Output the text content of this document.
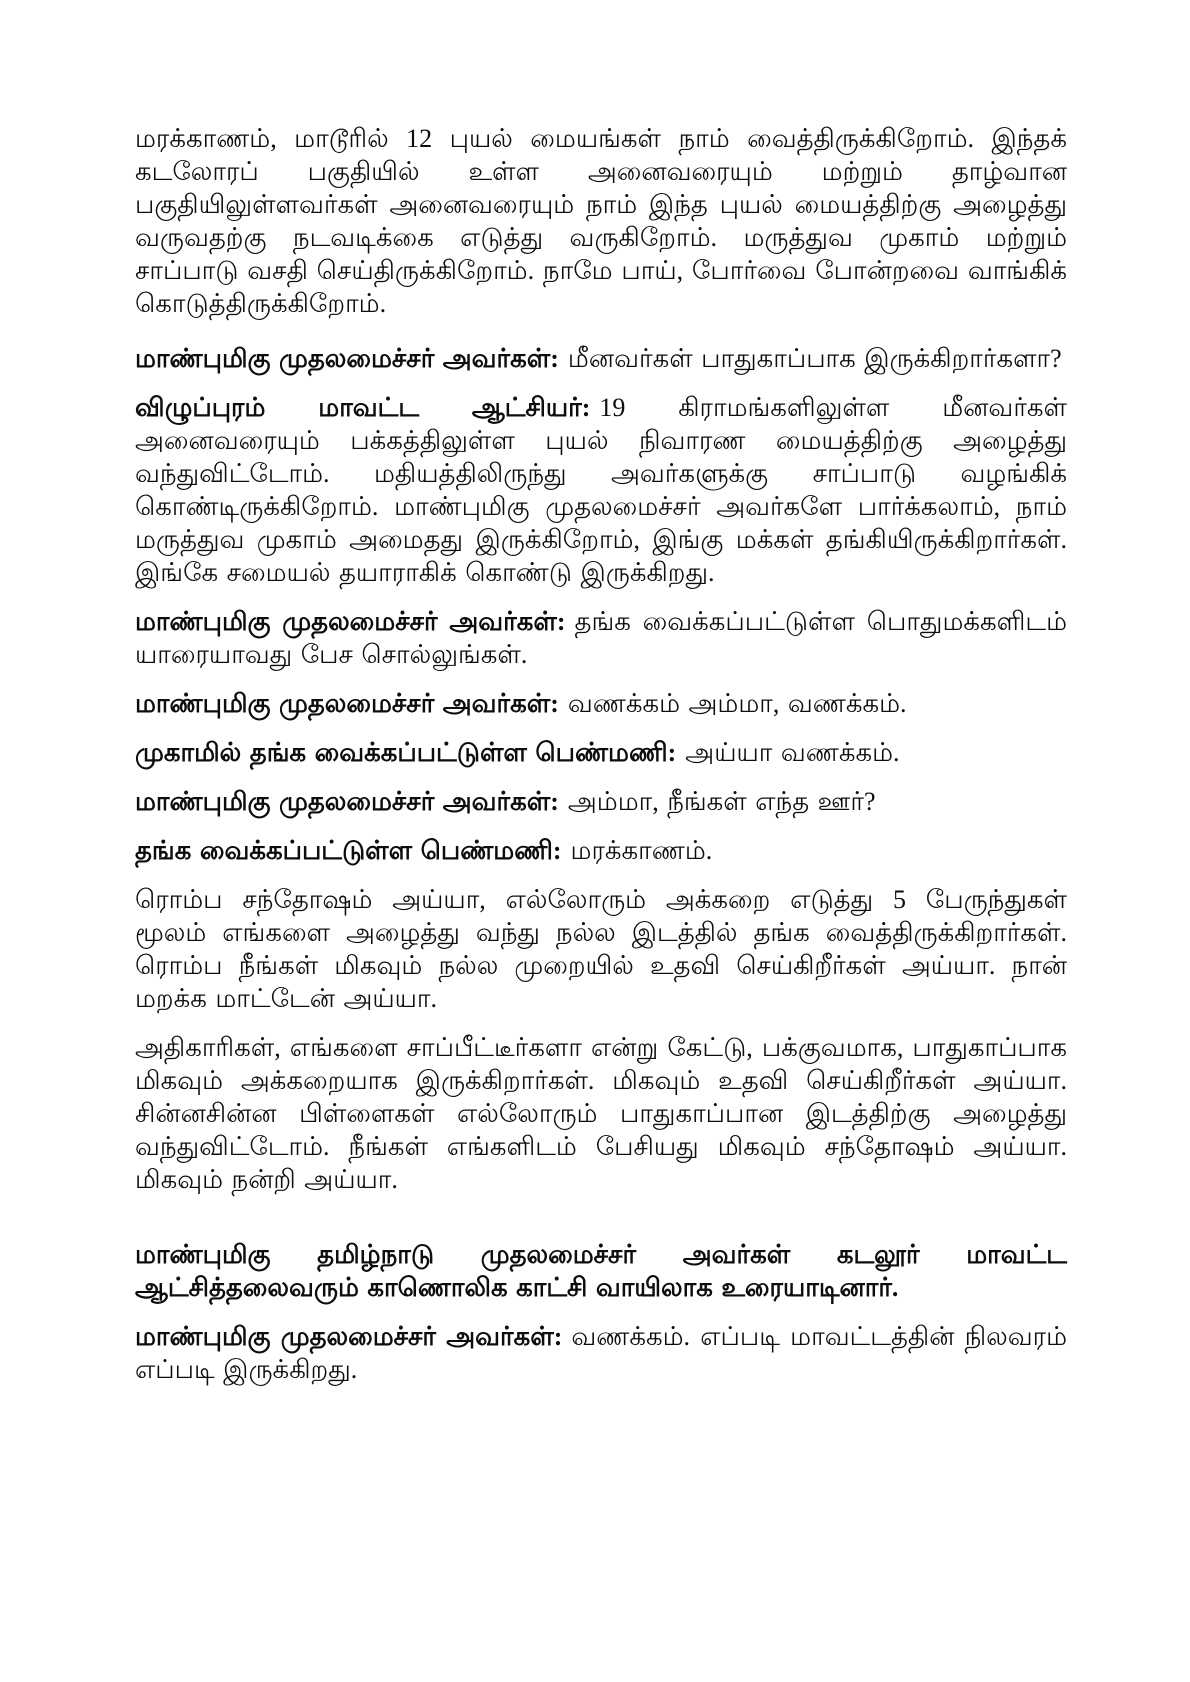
மரக்காணம், மாடூரில் 12 புயல் மையங்கள் நாம் வைத்திருக்கிறோம். இந்தக் கடலோரப் பகுதியில் உள்ள அனைவரையும் மற்றும் தாழ்வான பகுதியிலுள்ளவர்கள் அனைவரையும் நாம் இந்த புயல் மையத்திற்கு அழைத்து வருவதற்கு நடவடிக்கை எடுத்து வருகிறோம். மருத்துவ முகாம் மற்றும் சாப்பாடு வசதி செய்திருக்கிறோம். நாமே பாய், போர்வை போன்றவை வாங்கிக் கொடுத்திருக்கிறோம்.

மாண்புமிகு முதலமைச்சர் அவர்கள்: மீனவர்கள் பாதுகாப்பாக இருக்கிறார்களா?

விழுப்புரம் மாவட்ட ஆட்சியர்: 19 கிராமங்களிலுள்ள மீனவர்கள் அனைவரையும் பக்கத்திலுள்ள புயல் நிவாரண மையத்திற்கு அழைத்து வந்துவிட்டோம். மதியத்திலிருந்து அவர்களுக்கு சாப்பாடு வழங்கிக் கொண்டிருக்கிறோம். மாண்புமிகு முதலமைச்சர் அவர்களே பார்க்கலாம், நாம் மருத்துவ முகாம் அமைதது இருக்கிறோம், இங்கு மக்கள் தங்கியிருக்கிறார்கள். இங்கே சமையல் தயாராகிக் கொண்டு இருக்கிறது.

மாண்புமிகு முதலமைச்சர் அவர்கள்: தங்க வைக்கப்பட்டுள்ள பொதுமக்களிடம் யாரையாவது பேச சொல்லுங்கள்.

மாண்புமிகு முதலமைச்சர் அவர்கள்: வணக்கம் அம்மா, வணக்கம்.

முகாமில் தங்க வைக்கப்பட்டுள்ள பெண்மணி: அய்யா வணக்கம்.

மாண்புமிகு முதலமைச்சர் அவர்கள்: அம்மா, நீங்கள் எந்த ஊர்?

தங்க வைக்கப்பட்டுள்ள பெண்மணி: மரக்காணம்.

ரொம்ப சந்தோஷம் அய்யா, எல்லோரும் அக்கறை எடுத்து 5 பேருந்துகள் மூலம் எங்களை அழைத்து வந்து நல்ல இடத்தில் தங்க வைத்திருக்கிறார்கள். ரொம்ப நீங்கள் மிகவும் நல்ல முறையில் உதவி செய்கிறீர்கள் அய்யா. நான் மறக்க மாட்டேன் அய்யா.

அதிகாரிகள், எங்களை சாப்பீட்டீர்களா என்று கேட்டு, பக்குவமாக, பாதுகாப்பாக மிகவும் அக்கறையாக இருக்கிறார்கள். மிகவும் உதவி செய்கிறீர்கள் அய்யா. சின்னசின்ன பிள்ளைகள் எல்லோரும் பாதுகாப்பான இடத்திற்கு அழைத்து வந்துவிட்டோம். நீங்கள் எங்களிடம் பேசியது மிகவும் சந்தோஷம் அய்யா. மிகவும் நன்றி அய்யா.

மாண்புமிகு தமிழ்நாடு முதலமைச்சர் அவர்கள் கடலூர் மாவட்ட ஆட்சித்தலைவரும் காணொலிக காட்சி வாயிலாக உரையாடினார்.

மாண்புமிகு முதலமைச்சர் அவர்கள்: வணக்கம். எப்படி மாவட்டத்தின் நிலவரம் எப்படி இருக்கிறது.
